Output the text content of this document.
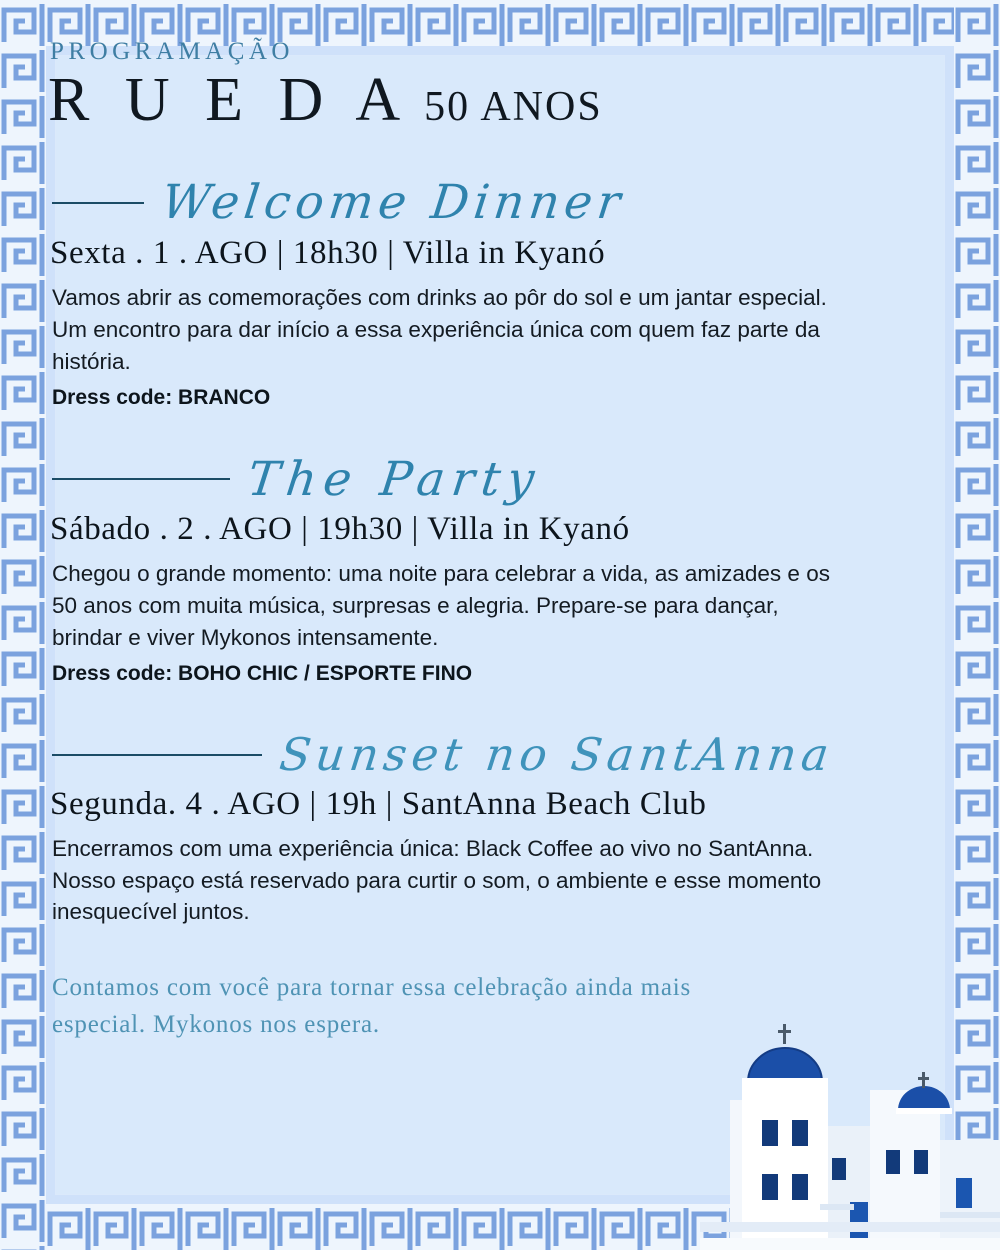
PROGRAMAÇÃO
R U E D A 50 ANOS
Welcome Dinner
Sexta . 1 . AGO | 18h30 | Villa in Kyanó

Vamos abrir as comemorações com drinks ao pôr do sol e um jantar especial. Um encontro para dar início a essa experiência única com quem faz parte da história.

Dress code: BRANCO
The Party
Sábado . 2 . AGO | 19h30 | Villa in Kyanó

Chegou o grande momento: uma noite para celebrar a vida, as amizades e os 50 anos com muita música, surpresas e alegria. Prepare-se para dançar, brindar e viver Mykonos intensamente.

Dress code: BOHO CHIC / ESPORTE FINO
Sunset no SantAnna
Segunda. 4 . AGO | 19h | SantAnna Beach Club

Encerramos com uma experiência única: Black Coffee ao vivo no SantAnna. Nosso espaço está reservado para curtir o som, o ambiente e esse momento inesquecível juntos.

Contamos com você para tornar essa celebração ainda mais especial. Mykonos nos espera.
